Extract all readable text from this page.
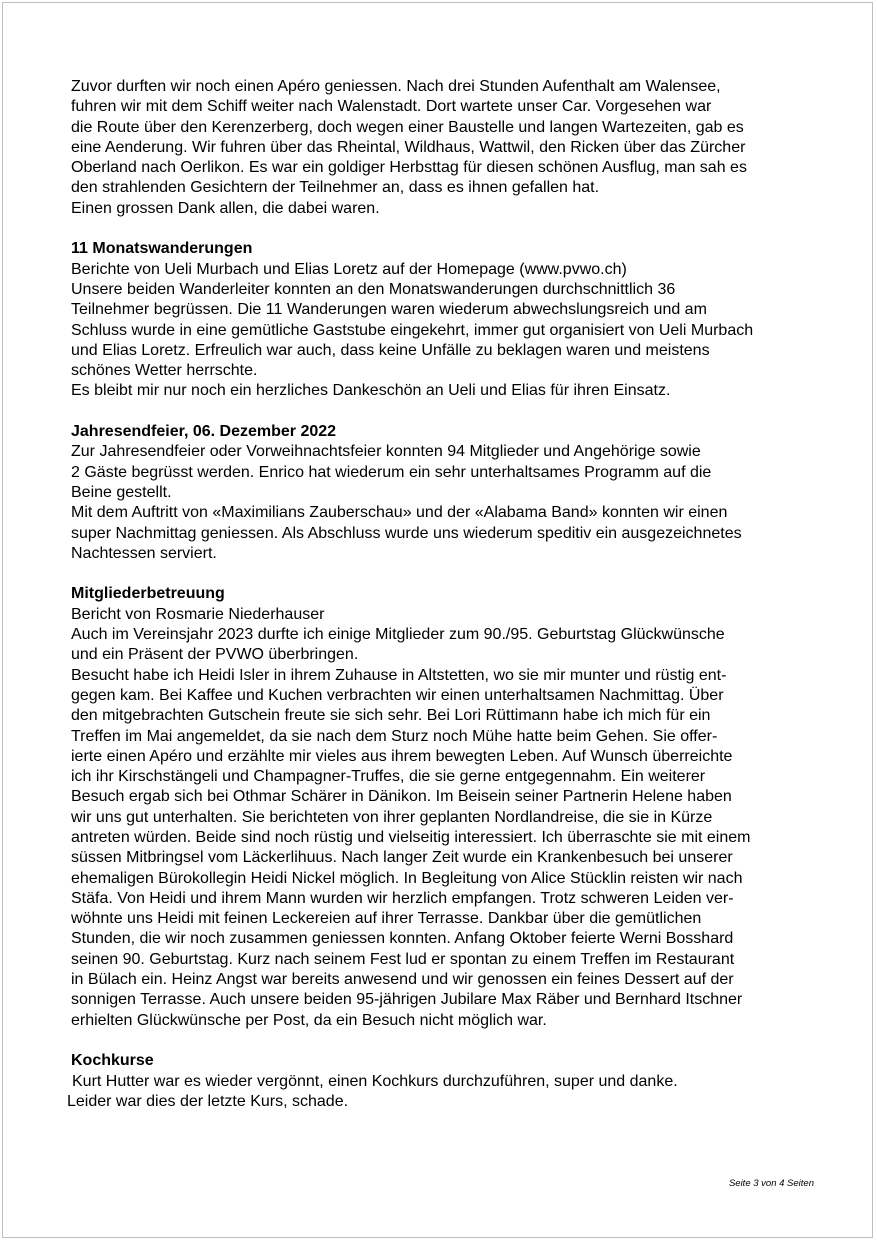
Zuvor durften wir noch einen Apéro geniessen. Nach drei Stunden Aufenthalt am Walensee,
fuhren wir mit dem Schiff weiter nach Walenstadt. Dort wartete unser Car. Vorgesehen war
die Route über den Kerenzerberg, doch wegen einer Baustelle und langen Wartezeiten, gab es
eine Aenderung. Wir fuhren über das Rheintal, Wildhaus, Wattwil, den Ricken über das Zürcher
Oberland nach Oerlikon. Es war ein goldiger Herbsttag für diesen schönen Ausflug, man sah es
den strahlenden Gesichtern der Teilnehmer an, dass es ihnen gefallen hat.
Einen grossen Dank allen, die dabei waren.
11 Monatswanderungen
Berichte von Ueli Murbach und Elias Loretz auf der Homepage (www.pvwo.ch)
Unsere beiden Wanderleiter konnten an den Monatswanderungen durchschnittlich 36
Teilnehmer begrüssen. Die 11 Wanderungen waren wiederum abwechslungsreich und am
Schluss wurde in eine gemütliche Gaststube eingekehrt, immer gut organisiert von Ueli Murbach
und Elias Loretz. Erfreulich war auch, dass keine Unfälle zu beklagen waren und meistens
schönes Wetter herrschte.
Es bleibt mir nur noch ein herzliches Dankeschön an Ueli und Elias für ihren Einsatz.
Jahresendfeier, 06. Dezember 2022
Zur Jahresendfeier oder Vorweihnachtsfeier konnten 94 Mitglieder und Angehörige sowie
2 Gäste begrüsst werden. Enrico hat wiederum ein sehr unterhaltsames Programm auf die
Beine gestellt.
Mit dem Auftritt von «Maximilians Zauberschau» und der «Alabama Band» konnten wir einen
super Nachmittag geniessen. Als Abschluss wurde uns wiederum speditiv ein ausgezeichnetes
Nachtessen serviert.
Mitgliederbetreuung
Bericht von Rosmarie Niederhauser
Auch im Vereinsjahr 2023 durfte ich einige Mitglieder zum 90./95. Geburtstag Glückwünsche
und ein Präsent der PVWO überbringen.
Besucht habe ich Heidi Isler in ihrem Zuhause in Altstetten, wo sie mir munter und rüstig ent-
gegen kam. Bei Kaffee und Kuchen verbrachten wir einen unterhaltsamen Nachmittag. Über
den mitgebrachten Gutschein freute sie sich sehr. Bei Lori Rüttimann habe ich mich für ein
Treffen im Mai angemeldet, da sie nach dem Sturz noch Mühe hatte beim Gehen. Sie offer-
ierte einen Apéro und erzählte mir vieles aus ihrem bewegten Leben. Auf Wunsch überreichte
ich ihr Kirschstängeli und Champagner-Truffes, die sie gerne entgegennahm. Ein weiterer
Besuch ergab sich bei Othmar Schärer in Dänikon. Im Beisein seiner Partnerin Helene haben
wir uns gut unterhalten. Sie berichteten von ihrer geplanten Nordlandreise, die sie in Kürze
antreten würden. Beide sind noch rüstig und vielseitig interessiert. Ich überraschte sie mit einem
süssen Mitbringsel vom Läckerlihuus. Nach langer Zeit wurde ein Krankenbesuch bei unserer
ehemaligen Bürokollegin Heidi Nickel möglich. In Begleitung von Alice Stücklin reisten wir nach
Stäfa. Von Heidi und ihrem Mann wurden wir herzlich empfangen. Trotz schweren Leiden ver-
wöhnte uns Heidi mit feinen Leckereien auf ihrer Terrasse. Dankbar über die gemütlichen
Stunden, die wir noch zusammen geniessen konnten. Anfang Oktober feierte Werni Bosshard
seinen 90. Geburtstag. Kurz nach seinem Fest lud er spontan zu einem Treffen im Restaurant
in Bülach ein. Heinz Angst war bereits anwesend und wir genossen ein feines Dessert auf der
sonnigen Terrasse. Auch unsere beiden 95-jährigen Jubilare Max Räber und Bernhard Itschner
erhielten Glückwünsche per Post, da ein Besuch nicht möglich war.
Kochkurse
Kurt Hutter war es wieder vergönnt, einen Kochkurs durchzuführen, super und danke.
Leider war dies der letzte Kurs, schade.
Seite 3 von 4 Seiten
